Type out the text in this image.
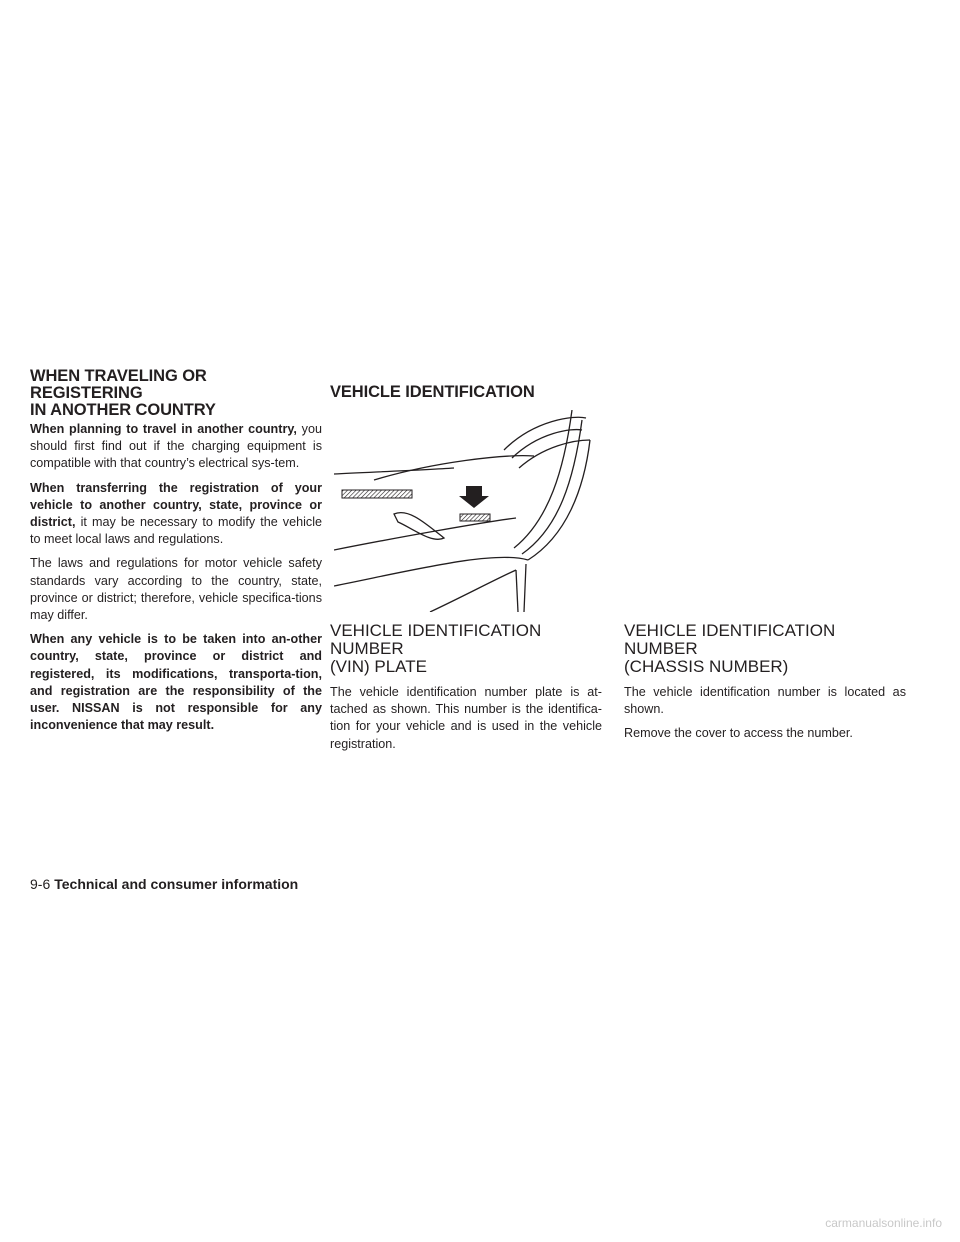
WHEN TRAVELING OR REGISTERING
IN ANOTHER COUNTRY

When planning to travel in another country, you should first find out if the charging equipment is compatible with that country’s electrical sys-tem.

When transferring the registration of your vehicle to another country, state, province or district, it may be necessary to modify the vehicle to meet local laws and regulations.

The laws and regulations for motor vehicle safety standards vary according to the country, state, province or district; therefore, vehicle specifica-tions may differ.

When any vehicle is to be taken into an-other country, state, province or district and registered, its modifications, transporta-tion, and registration are the responsibility of the user. NISSAN is not responsible for any inconvenience that may result.

VEHICLE IDENTIFICATION
VEHICLE IDENTIFICATION NUMBER
(VIN) PLATE

The vehicle identification number plate is at-tached as shown. This number is the identifica-tion for your vehicle and is used in the vehicle registration.

VEHICLE IDENTIFICATION NUMBER
(CHASSIS NUMBER)

The vehicle identification number is located as shown.

Remove the cover to access the number.

9-6 Technical and consumer information
carmanualsonline.info
